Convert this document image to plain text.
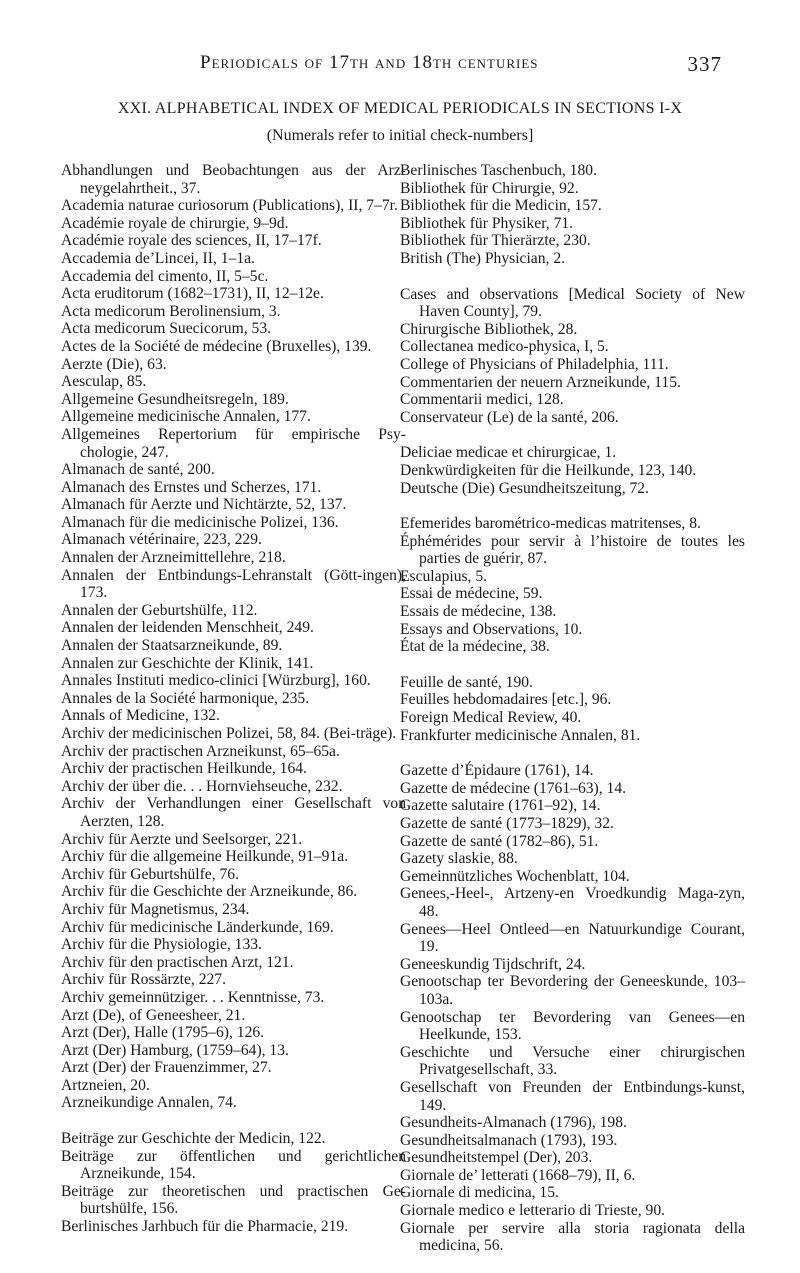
Periodicals of 17th and 18th centuries	337
XXI. ALPHABETICAL INDEX OF MEDICAL PERIODICALS IN SECTIONS I-X
(Numerals refer to initial check-numbers]

Abhandlungen und Beobachtungen aus der Arz-neygelahrtheit., 37.

Academia naturae curiosorum (Publications), II, 7–7r.

Académie royale de chirurgie, 9–9d.

Académie royale des sciences, II, 17–17f.

Accademia de’Lincei, II, 1–1a.

Accademia del cimento, II, 5–5c.

Acta eruditorum (1682–1731), II, 12–12e.

Acta medicorum Berolinensium, 3.

Acta medicorum Suecicorum, 53.

Actes de la Société de médecine (Bruxelles), 139.

Aerzte (Die), 63.

Aesculap, 85.

Allgemeine Gesundheitsregeln, 189.

Allgemeine medicinische Annalen, 177.

Allgemeines Repertorium für empirische Psy-chologie, 247.

Almanach de santé, 200.

Almanach des Ernstes und Scherzes, 171.

Almanach für Aerzte und Nichtärzte, 52, 137.

Almanach für die medicinische Polizei, 136.

Almanach vétérinaire, 223, 229.

Annalen der Arzneimittellehre, 218.

Annalen der Entbindungs-Lehranstalt (Gött-ingen), 173.

Annalen der Geburtshülfe, 112.

Annalen der leidenden Menschheit, 249.

Annalen der Staatsarzneikunde, 89.

Annalen zur Geschichte der Klinik, 141.

Annales Instituti medico-clinici [Würzburg], 160.

Annales de la Société harmonique, 235.

Annals of Medicine, 132.

Archiv der medicinischen Polizei, 58, 84. (Bei-träge).

Archiv der practischen Arzneikunst, 65–65a.

Archiv der practischen Heilkunde, 164.

Archiv der über die. . . Hornviehseuche, 232.

Archiv der Verhandlungen einer Gesellschaft von Aerzten, 128.

Archiv für Aerzte und Seelsorger, 221.

Archiv für die allgemeine Heilkunde, 91–91a.

Archiv für Geburtshülfe, 76.

Archiv für die Geschichte der Arzneikunde, 86.

Archiv für Magnetismus, 234.

Archiv für medicinische Länderkunde, 169.

Archiv für die Physiologie, 133.

Archiv für den practischen Arzt, 121.

Archiv für Rossärzte, 227.

Archiv gemeinnütziger. . . Kenntnisse, 73.

Arzt (De), of Geneesheer, 21.

Arzt (Der), Halle (1795–6), 126.

Arzt (Der) Hamburg, (1759–64), 13.

Arzt (Der) der Frauenzimmer, 27.

Artzneien, 20.

Arzneikundige Annalen, 74.

Beiträge zur Geschichte der Medicin, 122.

Beiträge zur öffentlichen und gerichtlichen Arzneikunde, 154.

Beiträge zur theoretischen und practischen Ge-burtshülfe, 156.

Berlinisches Jarhbuch für die Pharmacie, 219.

Berlinisches Taschenbuch, 180.

Bibliothek für Chirurgie, 92.

Bibliothek für die Medicin, 157.

Bibliothek für Physiker, 71.

Bibliothek für Thierärzte, 230.

British (The) Physician, 2.

Cases and observations [Medical Society of New Haven County], 79.

Chirurgische Bibliothek, 28.

Collectanea medico-physica, I, 5.

College of Physicians of Philadelphia, 111.

Commentarien der neuern Arzneikunde, 115.

Commentarii medici, 128.

Conservateur (Le) de la santé, 206.

Deliciae medicae et chirurgicae, 1.

Denkwürdigkeiten für die Heilkunde, 123, 140.

Deutsche (Die) Gesundheitszeitung, 72.

Efemerides barométrico-medicas matritenses, 8.

Éphémérides pour servir à l’histoire de toutes les parties de guérir, 87.

Esculapius, 5.

Essai de médecine, 59.

Essais de médecine, 138.

Essays and Observations, 10.

État de la médecine, 38.

Feuille de santé, 190.

Feuilles hebdomadaires [etc.], 96.

Foreign Medical Review, 40.

Frankfurter medicinische Annalen, 81.

Gazette d’Épidaure (1761), 14.

Gazette de médecine (1761–63), 14.

Gazette salutaire (1761–92), 14.

Gazette de santé (1773–1829), 32.

Gazette de santé (1782–86), 51.

Gazety slaskie, 88.

Gemeinnützliches Wochenblatt, 104.

Genees,-Heel-, Artzeny-en Vroedkundig Maga-zyn, 48.

Genees—Heel Ontleed—en Natuurkundige Courant, 19.

Geneeskundig Tijdschrift, 24.

Genootschap ter Bevordering der Geneeskunde, 103–103a.

Genootschap ter Bevordering van Genees—en Heelkunde, 153.

Geschichte und Versuche einer chirurgischen Privatgesellschaft, 33.

Gesellschaft von Freunden der Entbindungs-kunst, 149.

Gesundheits-Almanach (1796), 198.

Gesundheitsalmanach (1793), 193.

Gesundheitstempel (Der), 203.

Giornale de’ letterati (1668–79), II, 6.

Giornale di medicina, 15.

Giornale medico e letterario di Trieste, 90.

Giornale per servire alla storia ragionata della medicina, 56.
